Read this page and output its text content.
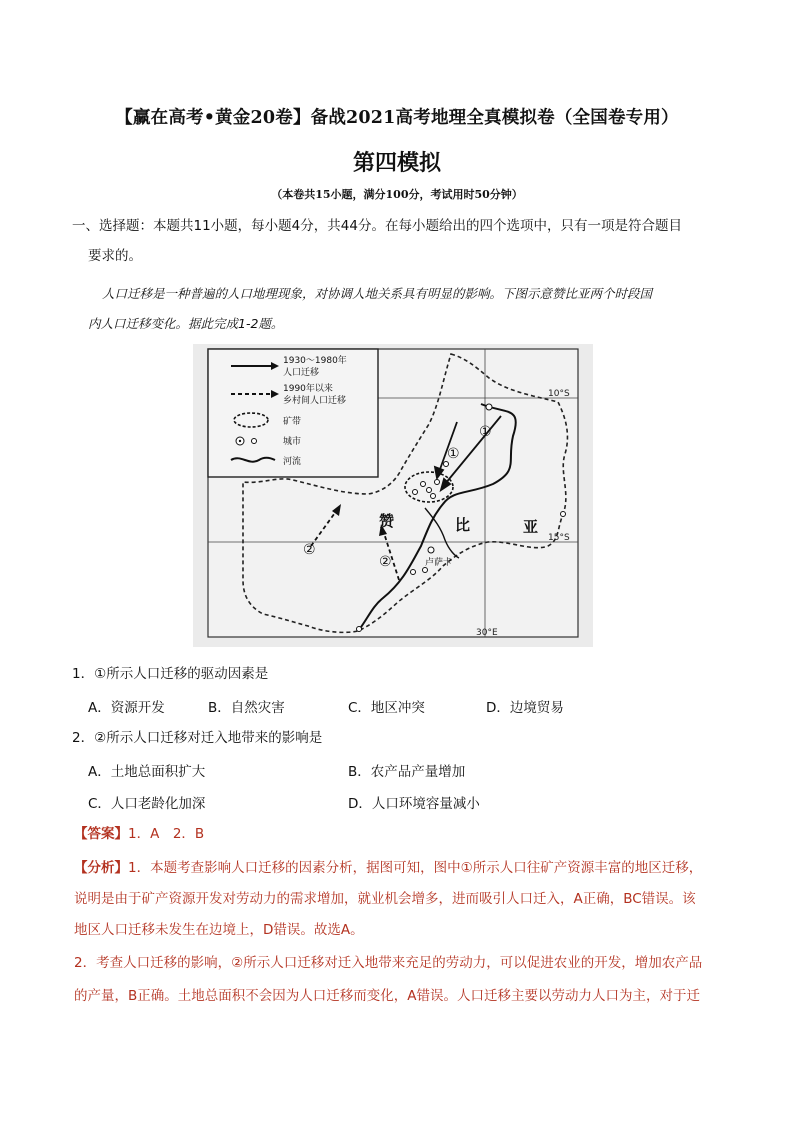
【赢在高考•黄金20卷】备战2021高考地理全真模拟卷（全国卷专用）
第四模拟
（本卷共15小题，满分100分，考试用时50分钟）
一、选择题：本题共11小题，每小题4分，共44分。在每小题给出的四个选项中，只有一项是符合题目
要求的。
人口迁移是一种普遍的人口地理现象，对协调人地关系具有明显的影响。下图示意赞比亚两个时段国
内人口迁移变化。据此完成1-2题。
10°S
15°S
30°E
卢萨卡
①
①
②
②
赞	比	亚
1930～1980年
人口迁移
1990年以来
乡村间人口迁移
矿带
城市
河流
1．①所示人口迁移的驱动因素是
A．资源开发	B．自然灾害	C．地区冲突	D．边境贸易
2．②所示人口迁移对迁入地带来的影响是
A．土地总面积扩大	B．农产品产量增加
C．人口老龄化加深	D．人口环境容量减小
【答案】1．A　2．B
【分析】1．本题考查影响人口迁移的因素分析，据图可知，图中①所示人口往矿产资源丰富的地区迁移，
说明是由于矿产资源开发对劳动力的需求增加，就业机会增多，进而吸引人口迁入，A正确，BC错误。该
地区人口迁移未发生在边境上，D错误。故选A。
2．考查人口迁移的影响，②所示人口迁移对迁入地带来充足的劳动力，可以促进农业的开发，增加农产品
的产量，B正确。土地总面积不会因为人口迁移而变化，A错误。人口迁移主要以劳动力人口为主，对于迁
